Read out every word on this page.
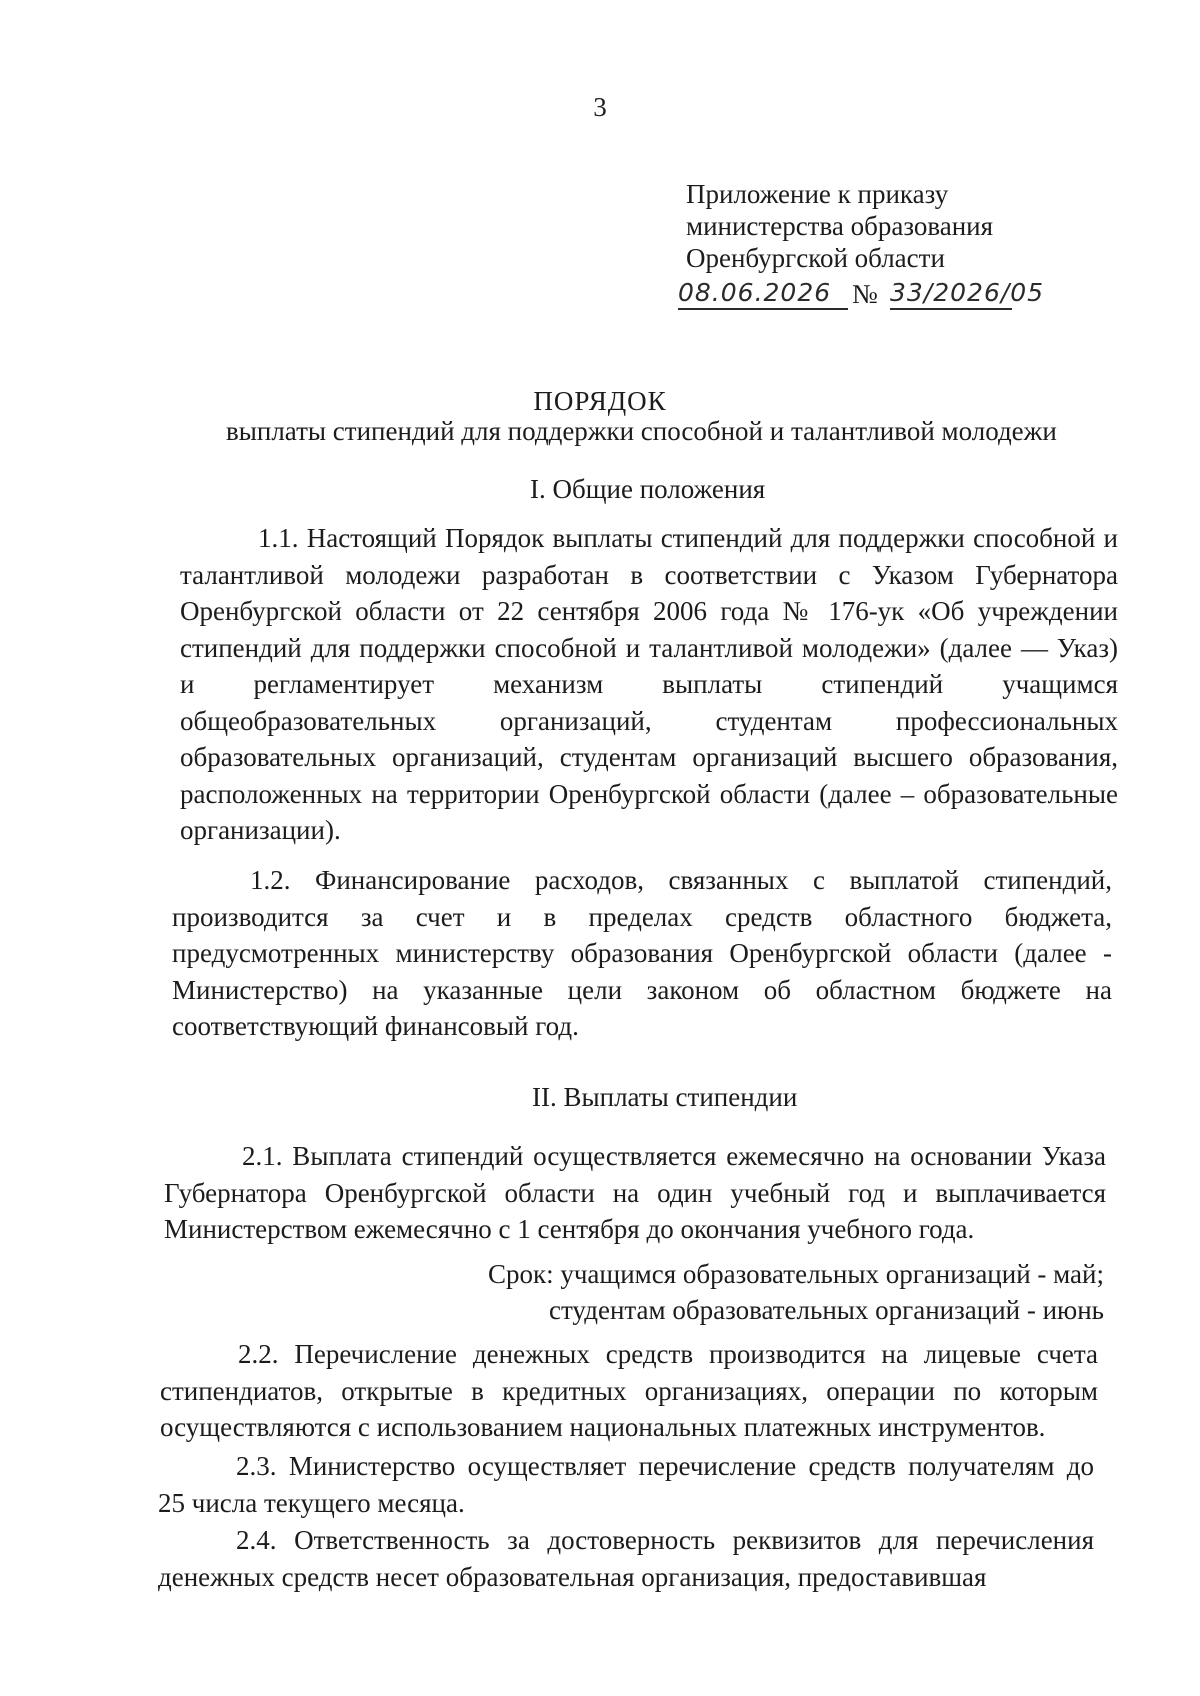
3
Приложение к приказу
министерства образования
Оренбургской области
08.06.2026 № 33/2026/05
ПОРЯДОК
выплаты стипендий для поддержки способной и талантливой молодежи
I. Общие положения

1.1. Настоящий Порядок выплаты стипендий для поддержки способной и талантливой молодежи разработан в соответствии с Указом Губернатора Оренбургской области от 22 сентября 2006 года № 176-ук «Об учреждении стипендий для поддержки способной и талантливой молодежи» (далее — Указ) и регламентирует механизм выплаты стипендий учащимся общеобразовательных организаций, студентам профессиональных образовательных организаций, студентам организаций высшего образования, расположенных на территории Оренбургской области (далее – образовательные организации).

1.2. Финансирование расходов, связанных с выплатой стипендий, производится за счет и в пределах средств областного бюджета, предусмотренных министерству образования Оренбургской области (далее - Министерство) на указанные цели законом об областном бюджете на соответствующий финансовый год.

II. Выплаты стипендии

2.1. Выплата стипендий осуществляется ежемесячно на основании Указа Губернатора Оренбургской области на один учебный год и выплачивается Министерством ежемесячно с 1 сентября до окончания учебного года.

Срок: учащимся образовательных организаций - май;
студентам образовательных организаций - июнь

2.2. Перечисление денежных средств производится на лицевые счета стипендиатов, открытые в кредитных организациях, операции по которым осуществляются с использованием национальных платежных инструментов.

2.3. Министерство осуществляет перечисление средств получателям до 25 числа текущего месяца.

2.4. Ответственность за достоверность реквизитов для перечисления денежных средств несет образовательная организация, предоставившая
